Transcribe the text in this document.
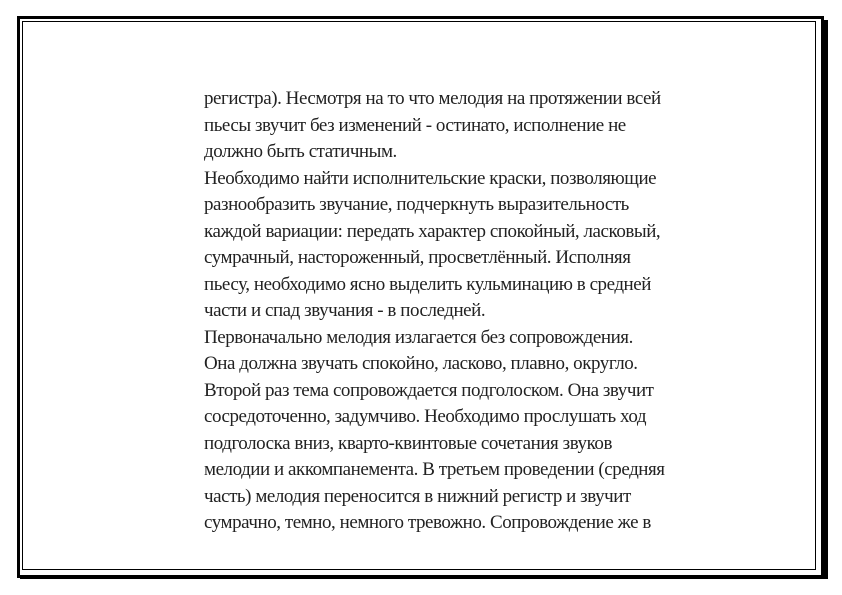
регистра). Несмотря на то что мелодия на протяжении всей
пьесы звучит без изменений - остинато, исполнение не
должно быть статичным.
Необходимо найти исполнительские краски, позволяющие
разнообразить звучание, подчеркнуть выразительность
каждой вариации: передать характер спокойный, ласковый,
сумрачный, настороженный, просветлённый. Исполняя
пьесу, необходимо ясно выделить кульминацию в средней
части и спад звучания - в последней.
Первоначально мелодия излагается без сопровождения.
Она должна звучать спокойно, ласково, плавно, округло.
Второй раз тема сопровождается подголоском. Она звучит
сосредоточенно, задумчиво. Необходимо прослушать ход
подголоска вниз, кварто-квинтовые сочетания звуков
мелодии и аккомпанемента. В третьем проведении (средняя
часть) мелодия переносится в нижний регистр и звучит
сумрачно, темно, немного тревожно. Сопровождение же в
